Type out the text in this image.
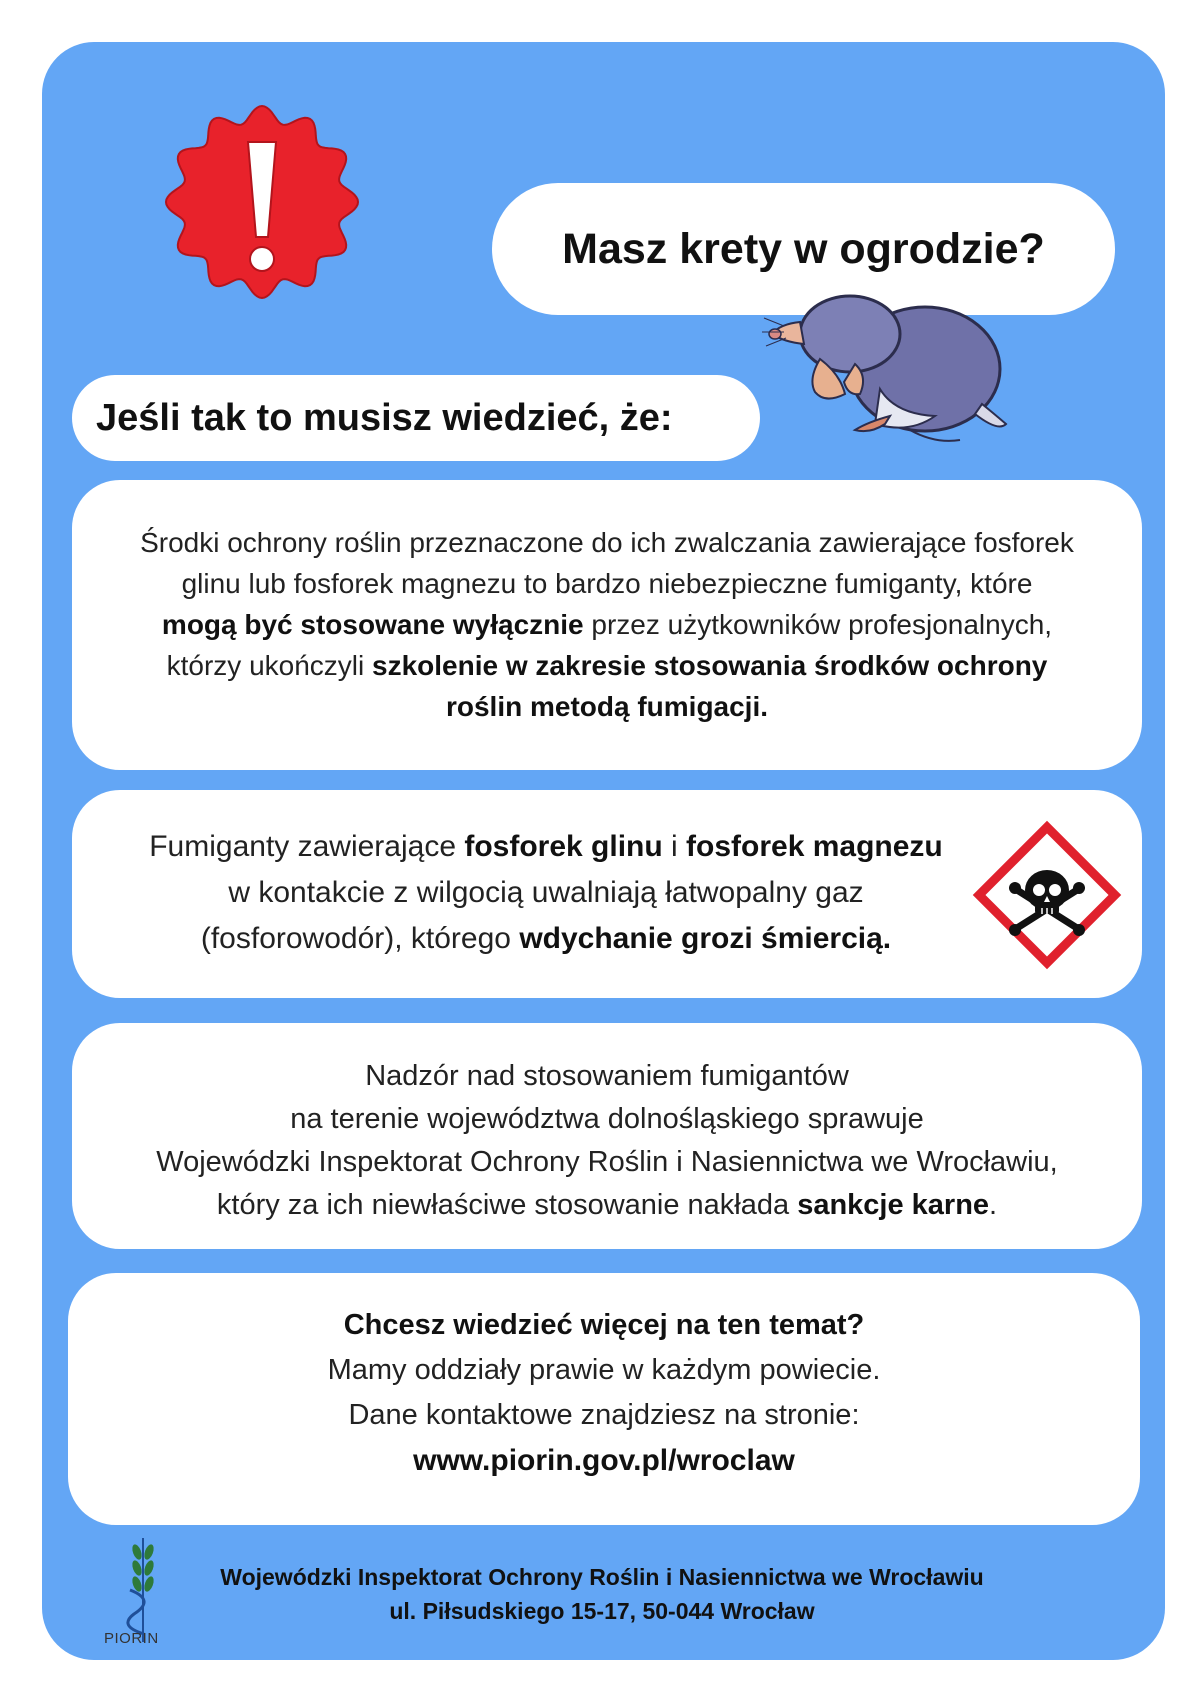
Masz krety w ogrodzie?
Jeśli tak to musisz wiedzieć, że:

Środki ochrony roślin przeznaczone do ich zwalczania zawierające fosforek

glinu lub fosforek magnezu to bardzo niebezpieczne fumiganty, które

mogą być stosowane wyłącznie przez użytkowników profesjonalnych,

którzy ukończyli szkolenie w zakresie stosowania środków ochrony

roślin metodą fumigacji.

Fumiganty zawierające fosforek glinu i fosforek magnezu

w kontakcie z wilgocią uwalniają łatwopalny gaz

(fosforowodór), którego wdychanie grozi śmiercią.

Nadzór nad stosowaniem fumigantów

na terenie województwa dolnośląskiego sprawuje

Wojewódzki Inspektorat Ochrony Roślin i Nasiennictwa we Wrocławiu,

który za ich niewłaściwe stosowanie nakłada sankcje karne.

Chcesz wiedzieć więcej na ten temat?

Mamy oddziały prawie w każdym powiecie.

Dane kontaktowe znajdziesz na stronie:

www.piorin.gov.pl/wroclaw

PIORIN
Wojewódzki Inspektorat Ochrony Roślin i Nasiennictwa we Wrocławiu
ul. Piłsudskiego 15-17, 50-044 Wrocław
